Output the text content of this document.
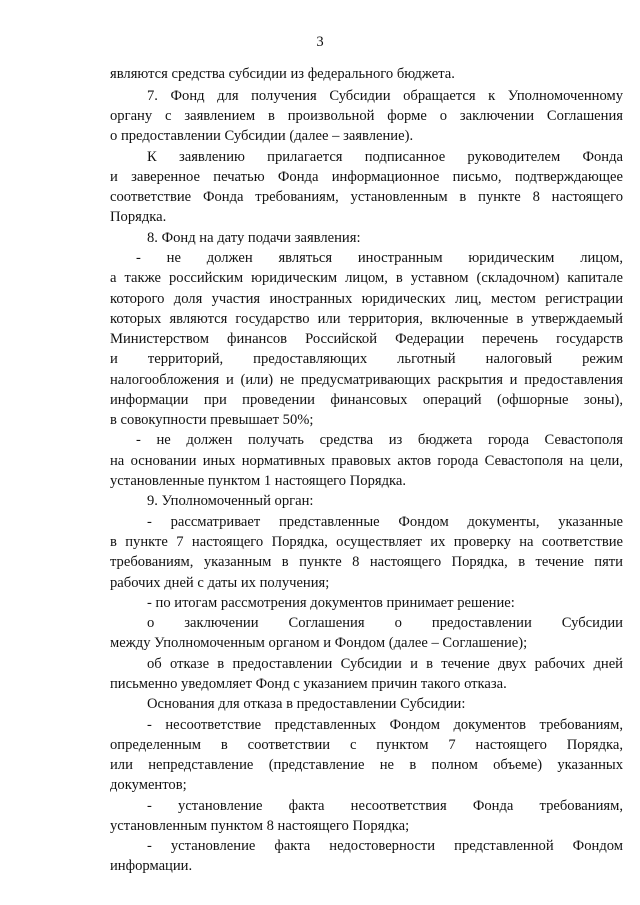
3
являются средства субсидии из федерального бюджета.
7. Фонд для получения Субсидии обращается к Уполномоченному
органу с заявлением в произвольной форме о заключении Соглашения
о предоставлении Субсидии (далее – заявление).
К заявлению прилагается подписанное руководителем Фонда
и заверенное печатью Фонда информационное письмо, подтверждающее
соответствие Фонда требованиям, установленным в пункте 8 настоящего
Порядка.
8. Фонд на дату подачи заявления:
- не должен являться иностранным юридическим лицом,
а также российским юридическим лицом, в уставном (складочном) капитале
которого доля участия иностранных юридических лиц, местом регистрации
которых являются государство или территория, включенные в утверждаемый
Министерством финансов Российской Федерации перечень государств
и территорий, предоставляющих льготный налоговый режим
налогообложения и (или) не предусматривающих раскрытия и предоставления
информации при проведении финансовых операций (офшорные зоны),
в совокупности превышает 50%;
- не должен получать средства из бюджета города Севастополя
на основании иных нормативных правовых актов города Севастополя на цели,
установленные пунктом 1 настоящего Порядка.
9. Уполномоченный орган:
- рассматривает представленные Фондом документы, указанные
в пункте 7 настоящего Порядка, осуществляет их проверку на соответствие
требованиям, указанным в пункте 8 настоящего Порядка, в течение пяти
рабочих дней с даты их получения;
- по итогам рассмотрения документов принимает решение:
о заключении Соглашения о предоставлении Субсидии
между Уполномоченным органом и Фондом (далее – Соглашение);
об отказе в предоставлении Субсидии и в течение двух рабочих дней
письменно уведомляет Фонд с указанием причин такого отказа.
Основания для отказа в предоставлении Субсидии:
- несоответствие представленных Фондом документов требованиям,
определенным в соответствии с пунктом 7 настоящего Порядка,
или непредставление (представление не в полном объеме) указанных
документов;
- установление факта несоответствия Фонда требованиям,
установленным пунктом 8 настоящего Порядка;
- установление факта недостоверности представленной Фондом
информации.
